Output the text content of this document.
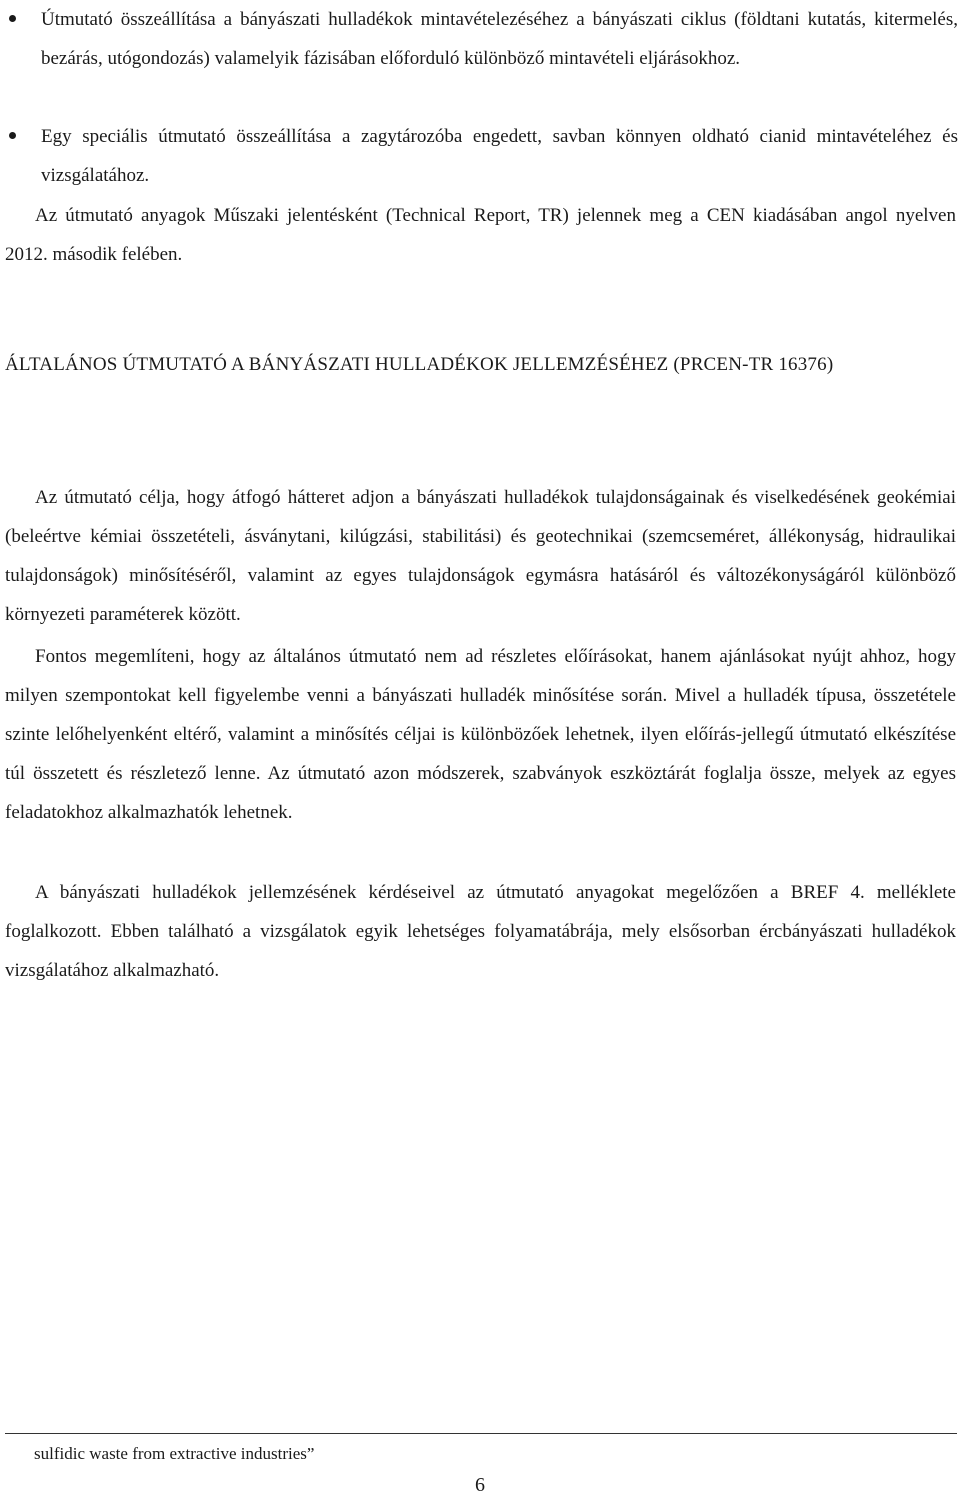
Útmutató összeállítása a bányászati hulladékok mintavételezéséhez a bányászati ciklus (földtani kutatás, kitermelés, bezárás, utógondozás) valamelyik fázisában előforduló különböző mintavételi eljárásokhoz.
Egy speciális útmutató összeállítása a zagytározóba engedett, savban könnyen oldható cianid mintavételéhez és vizsgálatához.

Az útmutató anyagok Műszaki jelentésként (Technical Report, TR) jelennek meg a CEN kiadásában angol nyelven 2012. második felében.

ÁLTALÁNOS ÚTMUTATÓ A BÁNYÁSZATI HULLADÉKOK JELLEMZÉSÉHEZ (PRCEN-TR 16376)

Az útmutató célja, hogy átfogó hátteret adjon a bányászati hulladékok tulajdonságainak és viselkedésének geokémiai (beleértve kémiai összetételi, ásványtani, kilúgzási, stabilitási) és geotechnikai (szemcseméret, állékonyság, hidraulikai tulajdonságok) minősítéséről, valamint az egyes tulajdonságok egymásra hatásáról és változékonyságáról különböző környezeti paraméterek között.

Fontos megemlíteni, hogy az általános útmutató nem ad részletes előírásokat, hanem ajánlásokat nyújt ahhoz, hogy milyen szempontokat kell figyelembe venni a bányászati hulladék minősítése során. Mivel a hulladék típusa, összetétele szinte lelőhelyenként eltérő, valamint a minősítés céljai is különbözőek lehetnek, ilyen előírás-jellegű útmutató elkészítése túl összetett és részletező lenne. Az útmutató azon módszerek, szabványok eszköztárát foglalja össze, melyek az egyes feladatokhoz alkalmazhatók lehetnek.

A bányászati hulladékok jellemzésének kérdéseivel az útmutató anyagokat megelőzően a BREF 4. melléklete foglalkozott. Ebben található a vizsgálatok egyik lehetséges folyamatábrája, mely elsősorban ércbányászati hulladékok vizsgálatához alkalmazható.

sulfidic waste from extractive industries”
6
